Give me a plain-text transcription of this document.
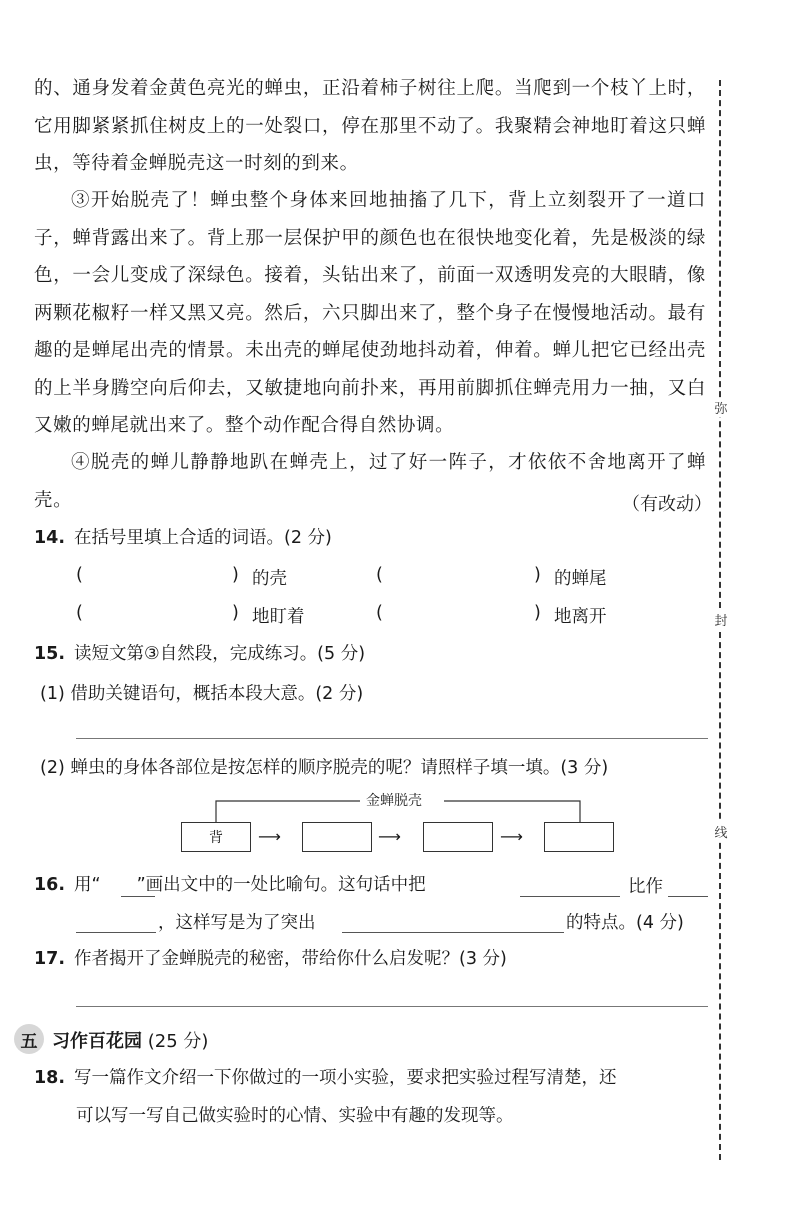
弥
封
线

的、通身发着金黄色亮光的蝉虫，正沿着柿子树往上爬。当爬到一个枝丫上时，它用脚紧紧抓住树皮上的一处裂口，停在那里不动了。我聚精会神地盯着这只蝉虫，等待着金蝉脱壳这一时刻的到来。

③开始脱壳了！蝉虫整个身体来回地抽搐了几下，背上立刻裂开了一道口子，蝉背露出来了。背上那一层保护甲的颜色也在很快地变化着，先是极淡的绿色，一会儿变成了深绿色。接着，头钻出来了，前面一双透明发亮的大眼睛，像两颗花椒籽一样又黑又亮。然后，六只脚出来了，整个身子在慢慢地活动。最有趣的是蝉尾出壳的情景。未出壳的蝉尾使劲地抖动着，伸着。蝉儿把它已经出壳的上半身腾空向后仰去，又敏捷地向前扑来，再用前脚抓住蝉壳用力一抽，又白又嫩的蝉尾就出来了。整个动作配合得自然协调。

④脱壳的蝉儿静静地趴在蝉壳上，过了好一阵子，才依依不舍地离开了蝉壳。	（有改动）
14. 在括号里填上合适的词语。(2 分)
(	) 的壳	(	) 的蝉尾
(	) 地盯着	(	) 地离开
15. 读短文第③自然段，完成练习。(5 分)
(1) 借助关键语句，概括本段大意。(2 分)
(2) 蝉虫的身体各部位是按怎样的顺序脱壳的呢？请照样子填一填。(3 分)
金蝉脱壳
背	⟶	⟶	⟶
16. 用“ ”画出文中的一处比喻句。这句话中把	比作
，这样写是为了突出	的特点。(4 分)
17. 作者揭开了金蝉脱壳的秘密，带给你什么启发呢？(3 分)
五 习作百花园 (25 分)
18. 写一篇作文介绍一下你做过的一项小实验，要求把实验过程写清楚，还
可以写一写自己做实验时的心情、实验中有趣的发现等。
